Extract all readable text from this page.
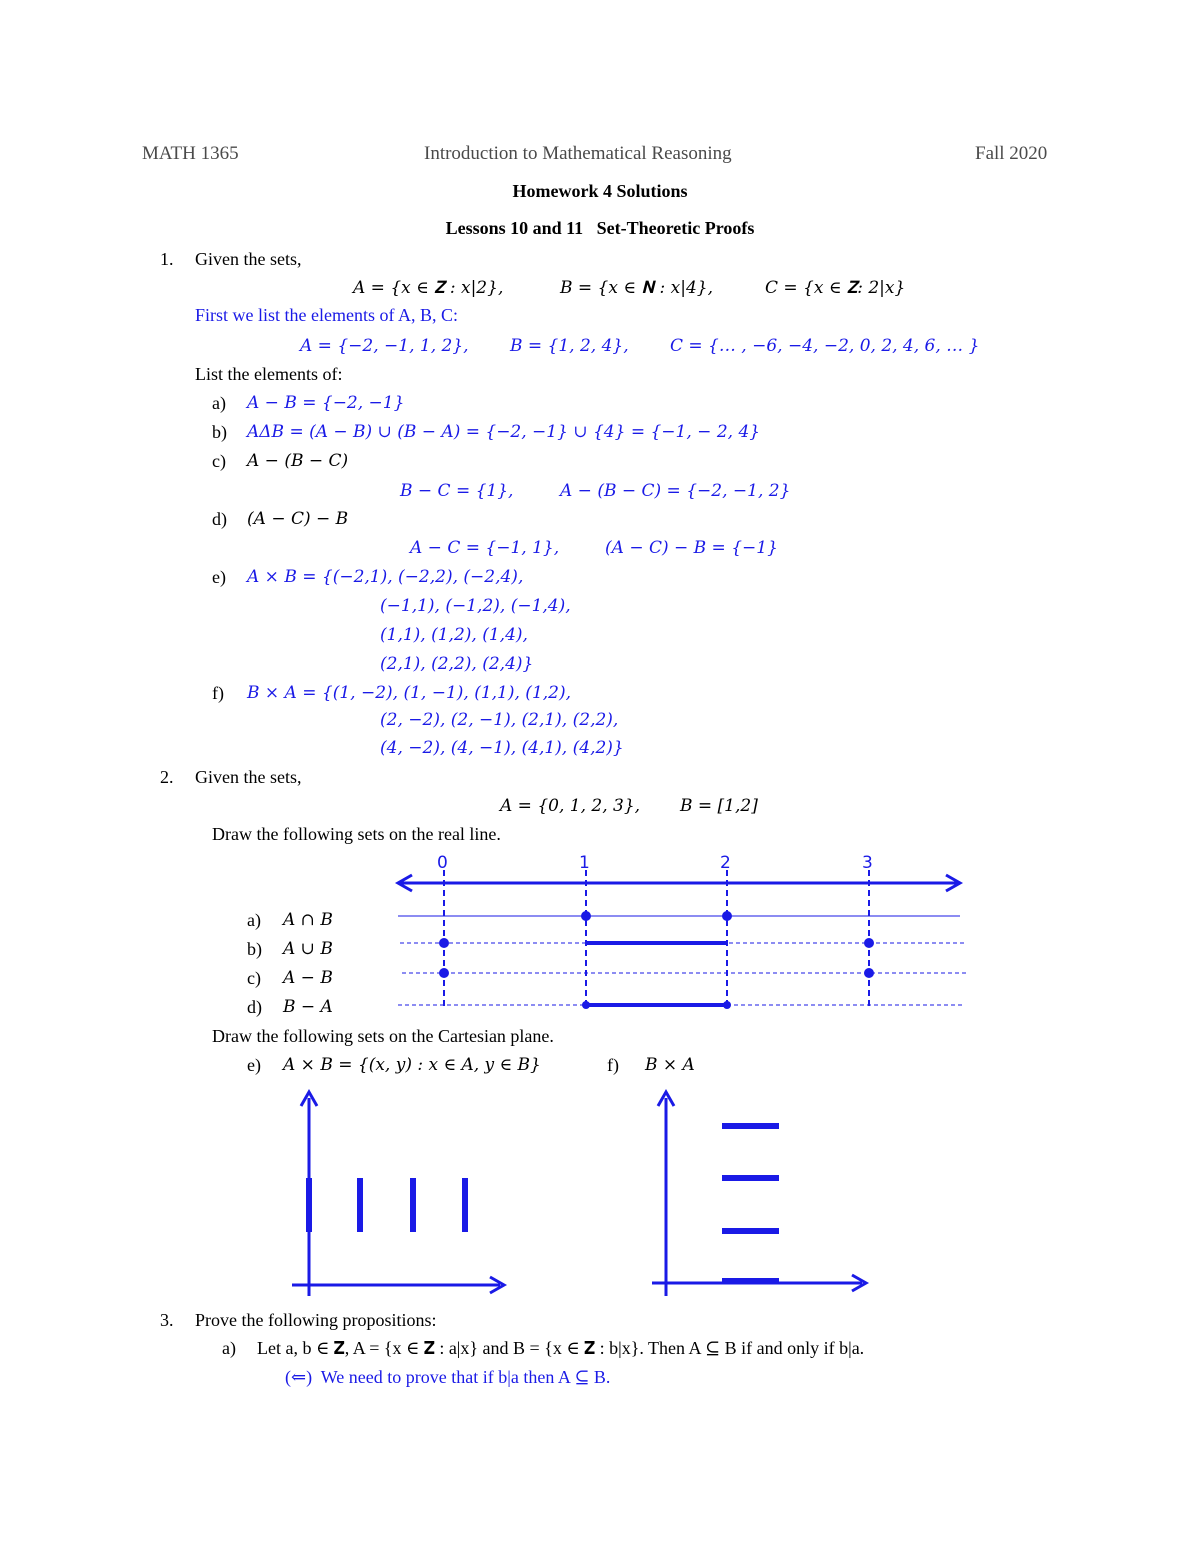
MATH 1365	Introduction to Mathematical Reasoning	Fall 2020
Homework 4 Solutions
Lessons 10 and 11   Set-Theoretic Proofs
1. Given the sets,
A = {x ∈ 𝐙 : x|2},	B = {x ∈ 𝐍 : x|4},	C = {x ∈ 𝐙: 2|x}
First we list the elements of A, B, C:
A = {−2, −1, 1, 2}, B = {1, 2, 4}, C = {… , −6, −4, −2, 0, 2, 4, 6, … }
List the elements of:
a) A − B = {−2, −1}
b) AΔB = (A − B) ∪ (B − A) = {−2, −1} ∪ {4} = {−1, − 2, 4}
c) A − (B − C)
B − C = {1},	A − (B − C) = {−2, −1, 2}
d) (A − C) − B
A − C = {−1, 1},	(A − C) − B = {−1}
e) A × B = {(−2,1), (−2,2), (−2,4),
(−1,1), (−1,2), (−1,4),
(1,1), (1,2), (1,4),
(2,1), (2,2), (2,4)}
f) B × A = {(1, −2), (1, −1), (1,1), (1,2),
(2, −2), (2, −1), (2,1), (2,2),
(4, −2), (4, −1), (4,1), (4,2)}
2. Given the sets,
A = {0, 1, 2, 3}, B = [1,2]
Draw the following sets on the real line.
0	1	2	3
a) A ∩ B
b) A ∪ B
c) A − B
d) B − A
Draw the following sets on the Cartesian plane.
e) A × B = {(x, y) : x ∈ A, y ∈ B}	f) B × A
3. Prove the following propositions:
a) Let a, b ∈ 𝐙, A = {x ∈ 𝐙 : a|x} and B = {x ∈ 𝐙 : b|x}. Then A ⊆ B if and only if b|a.
(⇐)  We need to prove that if b|a then A ⊆ B.
